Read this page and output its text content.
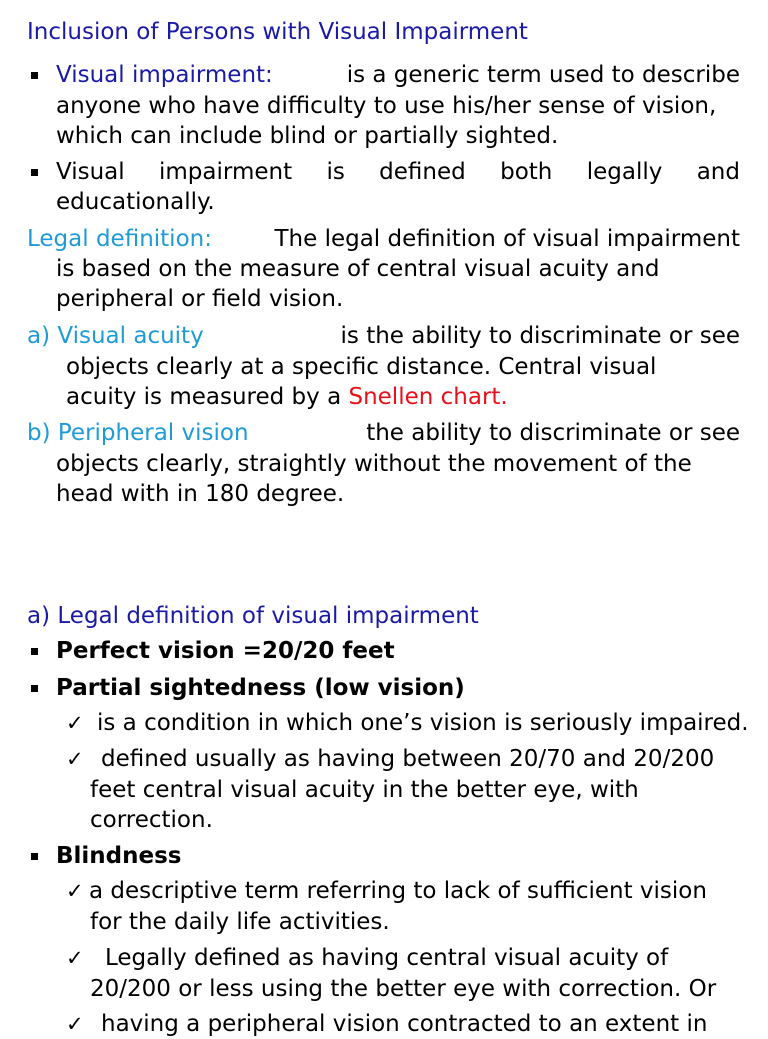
Inclusion of Persons with Visual Impairment
Visual impairment:	is a generic term used to describe
anyone who have difficulty to use his/her sense of vision,
which can include blind or partially sighted.
Visual impairment is defined both legally and
educationally.
Legal definition:	The legal definition of visual impairment
is based on the measure of central visual acuity and
peripheral or field vision.
a) Visual acuity	is the ability to discriminate or see
objects clearly at a specific distance. Central visual
acuity is measured by a Snellen chart.
b) Peripheral vision	the ability to discriminate or see
objects clearly, straightly without the movement of the
head with in 180 degree.
a) Legal definition of visual impairment
Perfect vision =20/20 feet
Partial sightedness (low vision)
✓ is a condition in which one’s vision is seriously impaired.
✓ defined usually as having between 20/70 and 20/200
feet central visual acuity in the better eye, with
correction.
Blindness
✓ a descriptive term referring to lack of sufficient vision
for the daily life activities.
✓ Legally defined as having central visual acuity of
20/200 or less using the better eye with correction. Or
✓ having a peripheral vision contracted to an extent in
